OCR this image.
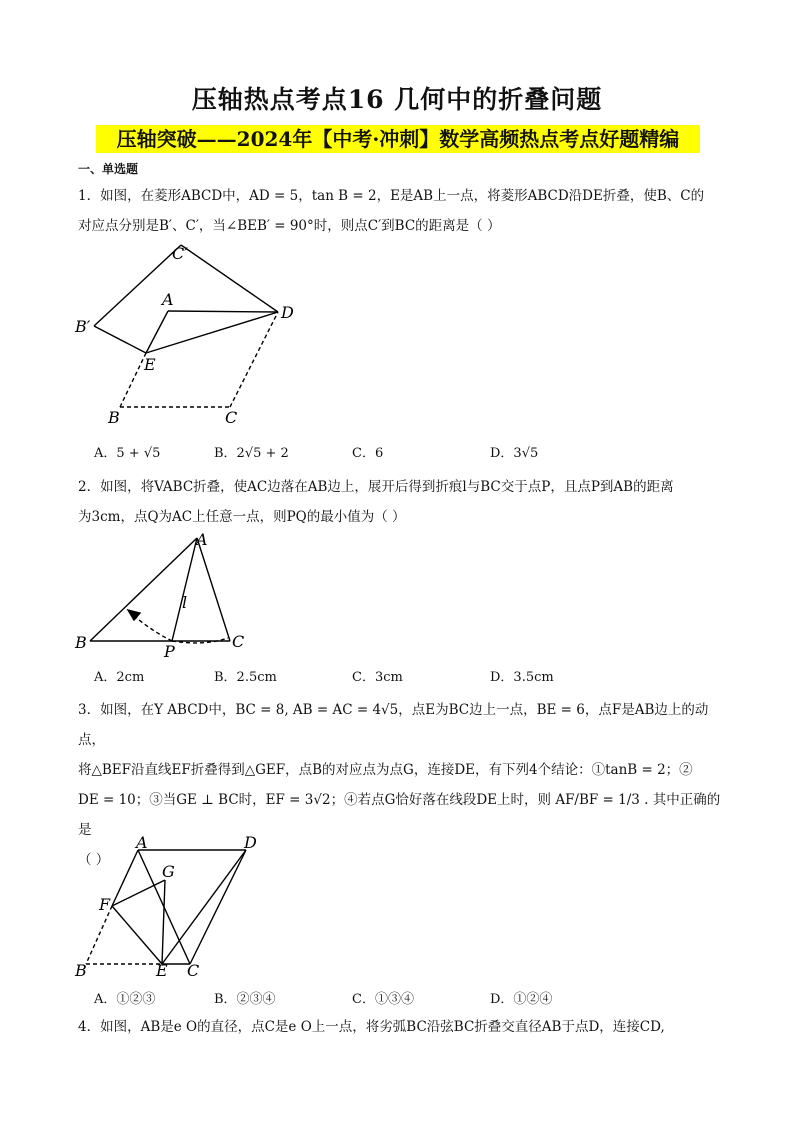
压轴热点考点16 几何中的折叠问题
压轴突破——2024年【中考·冲刺】数学高频热点考点好题精编
一、单选题
1．如图，在菱形ABCD中，AD = 5，tan B = 2，E是AB上一点，将菱形ABCD沿DE折叠，使B、C的
对应点分别是B′、C′，当∠BEB′ = 90°时，则点C′到BC的距离是（ ）
C′
A
B′
D
E
B	C
A．5 + √5	B．2√5 + 2	C．6	D．3√5
2．如图，将VABC折叠，使AC边落在AB边上，展开后得到折痕l与BC交于点P，且点P到AB的距离
为3cm，点Q为AC上任意一点，则PQ的最小值为（ ）
A
l
B	P
C
A．2cm	B．2.5cm	C．3cm	D．3.5cm
3．如图，在Y ABCD中，BC = 8, AB = AC = 4√5，点E为BC边上一点，BE = 6，点F是AB边上的动点，
将△BEF沿直线EF折叠得到△GEF，点B的对应点为点G，连接DE，有下列4个结论：①tanB = 2；②
DE = 10；③当GE ⊥ BC时，EF = 3√2；④若点G恰好落在线段DE上时，则 AF/BF = 1/3 . 其中正确的是
（ ）
A	D
G
F
B	E C
A．①②③	B．②③④	C．①③④	D．①②④
4．如图，AB是e O的直径，点C是e O上一点，将劣弧BC沿弦BC折叠交直径AB于点D，连接CD,
